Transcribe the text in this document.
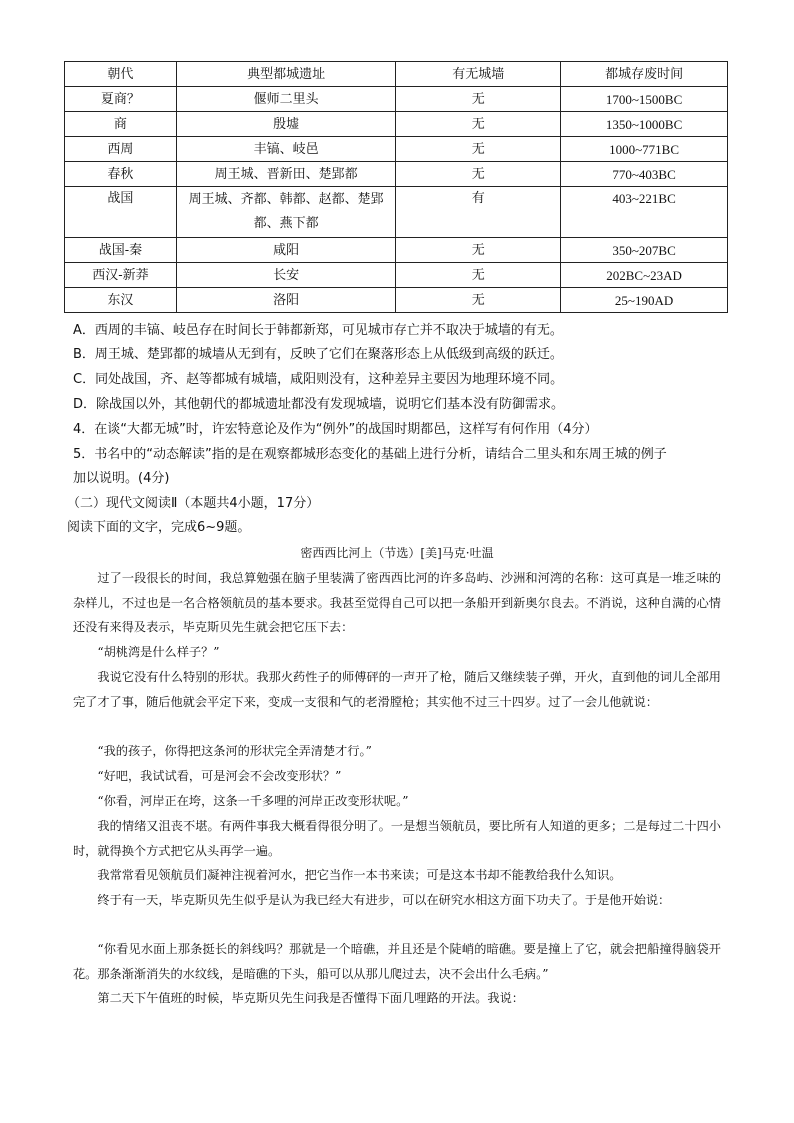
朝代	典型都城遗址	有无城墙	都城存废时间
夏商？	偃师二里头	无	1700~1500BC
商	殷墟	无	1350~1000BC
西周	丰镐、岐邑	无	1000~771BC
春秋	周王城、晋新田、楚郢都	无	770~403BC
战国	周王城、齐都、韩都、赵都、楚郢都、燕下都	有	403~221BC
战国-秦	咸阳	无	350~207BC
西汉-新莽	长安	无	202BC~23AD
东汉	洛阳	无	25~190AD
A．西周的丰镐、岐邑存在时间长于韩都新郑，可见城市存亡并不取决于城墙的有无。
B．周王城、楚郢都的城墙从无到有，反映了它们在聚落形态上从低级到高级的跃迁。
C．同处战国，齐、赵等都城有城墙，咸阳则没有，这种差异主要因为地理环境不同。
D．除战国以外，其他朝代的都城遗址都没有发现城墙，说明它们基本没有防御需求。
4．在谈“大都无城”时，许宏特意论及作为“例外”的战国时期都邑，这样写有何作用（4分）
5．书名中的“动态解读”指的是在观察都城形态变化的基础上进行分析，请结合二里头和东周王城的例子
加以说明。(4分)
（二）现代文阅读Ⅱ（本题共4小题，17分）
阅读下面的文字，完成6~9题。
密西西比河上（节选）[美]马克·吐温

过了一段很长的时间，我总算勉强在脑子里装满了密西西比河的许多岛屿、沙洲和河湾的名称：这可真是一堆乏味的杂样儿，不过也是一名合格领航员的基本要求。我甚至觉得自己可以把一条船开到新奥尔良去。不消说，这种自满的心情还没有来得及表示，毕克斯贝先生就会把它压下去：

“胡桃湾是什么样子？”

我说它没有什么特别的形状。我那火药性子的师傅砰的一声开了枪，随后又继续装子弹，开火，直到他的词儿全部用完了才了事，随后他就会平定下来，变成一支很和气的老滑膛枪；其实他不过三十四岁。过了一会儿他就说：

“我的孩子，你得把这条河的形状完全弄清楚才行。”

“好吧，我试试看，可是河会不会改变形状？”

“你看，河岸正在垮，这条一千多哩的河岸正改变形状呢。”

我的情绪又沮丧不堪。有两件事我大概看得很分明了。一是想当领航员，要比所有人知道的更多；二是每过二十四小时，就得换个方式把它从头再学一遍。

我常常看见领航员们凝神注视着河水，把它当作一本书来读；可是这本书却不能教给我什么知识。

终于有一天，毕克斯贝先生似乎是认为我已经大有进步，可以在研究水相这方面下功夫了。于是他开始说：

“你看见水面上那条挺长的斜线吗？那就是一个暗礁，并且还是个陡峭的暗礁。要是撞上了它，就会把船撞得脑袋开花。那条渐渐消失的水纹线，是暗礁的下头，船可以从那儿爬过去，决不会出什么毛病。”

第二天下午值班的时候，毕克斯贝先生问我是否懂得下面几哩路的开法。我说：
